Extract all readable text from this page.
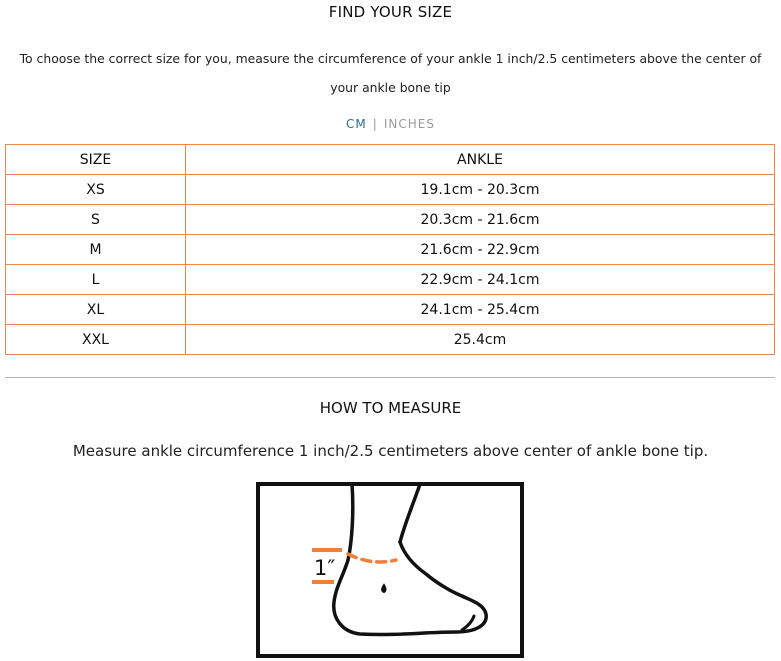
FIND YOUR SIZE
To choose the correct size for you, measure the circumference of your ankle 1 inch/2.5 centimeters above the center of your ankle bone tip
CM | INCHES
SIZE	ANKLE
XS	19.1cm - 20.3cm
S	20.3cm - 21.6cm
M	21.6cm - 22.9cm
L	22.9cm - 24.1cm
XL	24.1cm - 25.4cm
XXL	25.4cm
HOW TO MEASURE
Measure ankle circumference 1 inch/2.5 centimeters above center of ankle bone tip.
1″
